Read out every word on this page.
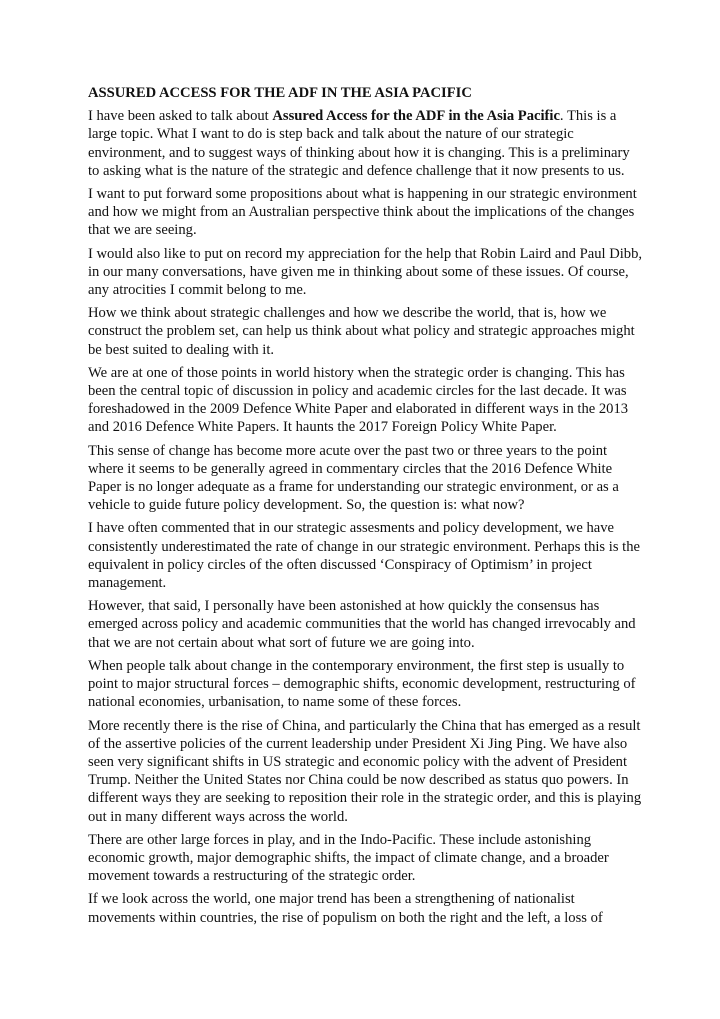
ASSURED ACCESS FOR THE ADF IN THE ASIA PACIFIC

I have been asked to talk about Assured Access for the ADF in the Asia Pacific. This is a large topic. What I want to do is step back and talk about the nature of our strategic environment, and to suggest ways of thinking about how it is changing. This is a preliminary to asking what is the nature of the strategic and defence challenge that it now presents to us.

I want to put forward some propositions about what is happening in our strategic environment and how we might from an Australian perspective think about the implications of the changes that we are seeing.

I would also like to put on record my appreciation for the help that Robin Laird and Paul Dibb, in our many conversations, have given me in thinking about some of these issues. Of course, any atrocities I commit belong to me.

How we think about strategic challenges and how we describe the world, that is, how we construct the problem set, can help us think about what policy and strategic approaches might be best suited to dealing with it.

We are at one of those points in world history when the strategic order is changing. This has been the central topic of discussion in policy and academic circles for the last decade. It was foreshadowed in the 2009 Defence White Paper and elaborated in different ways in the 2013 and 2016 Defence White Papers. It haunts the 2017 Foreign Policy White Paper.

This sense of change has become more acute over the past two or three years to the point where it seems to be generally agreed in commentary circles that the 2016 Defence White Paper is no longer adequate as a frame for understanding our strategic environment, or as a vehicle to guide future policy development. So, the question is: what now?

I have often commented that in our strategic assesments and policy development, we have consistently underestimated the rate of change in our strategic environment. Perhaps this is the equivalent in policy circles of the often discussed ‘Conspiracy of Optimism’ in project management.

However, that said, I personally have been astonished at how quickly the consensus has emerged across policy and academic communities that the world has changed irrevocably and that we are not certain about what sort of future we are going into.

When people talk about change in the contemporary environment, the first step is usually to point to major structural forces – demographic shifts, economic development, restructuring of national economies, urbanisation, to name some of these forces.

More recently there is the rise of China, and particularly the China that has emerged as a result of the assertive policies of the current leadership under President Xi Jing Ping. We have also seen very significant shifts in US strategic and economic policy with the advent of President Trump. Neither the United States nor China could be now described as status quo powers. In different ways they are seeking to reposition their role in the strategic order, and this is playing out in many different ways across the world.

There are other large forces in play, and in the Indo-Pacific. These include astonishing economic growth, major demographic shifts, the impact of climate change, and a broader movement towards a restructuring of the strategic order.

If we look across the world, one major trend has been a strengthening of nationalist movements within countries, the rise of populism on both the right and the left, a loss of
